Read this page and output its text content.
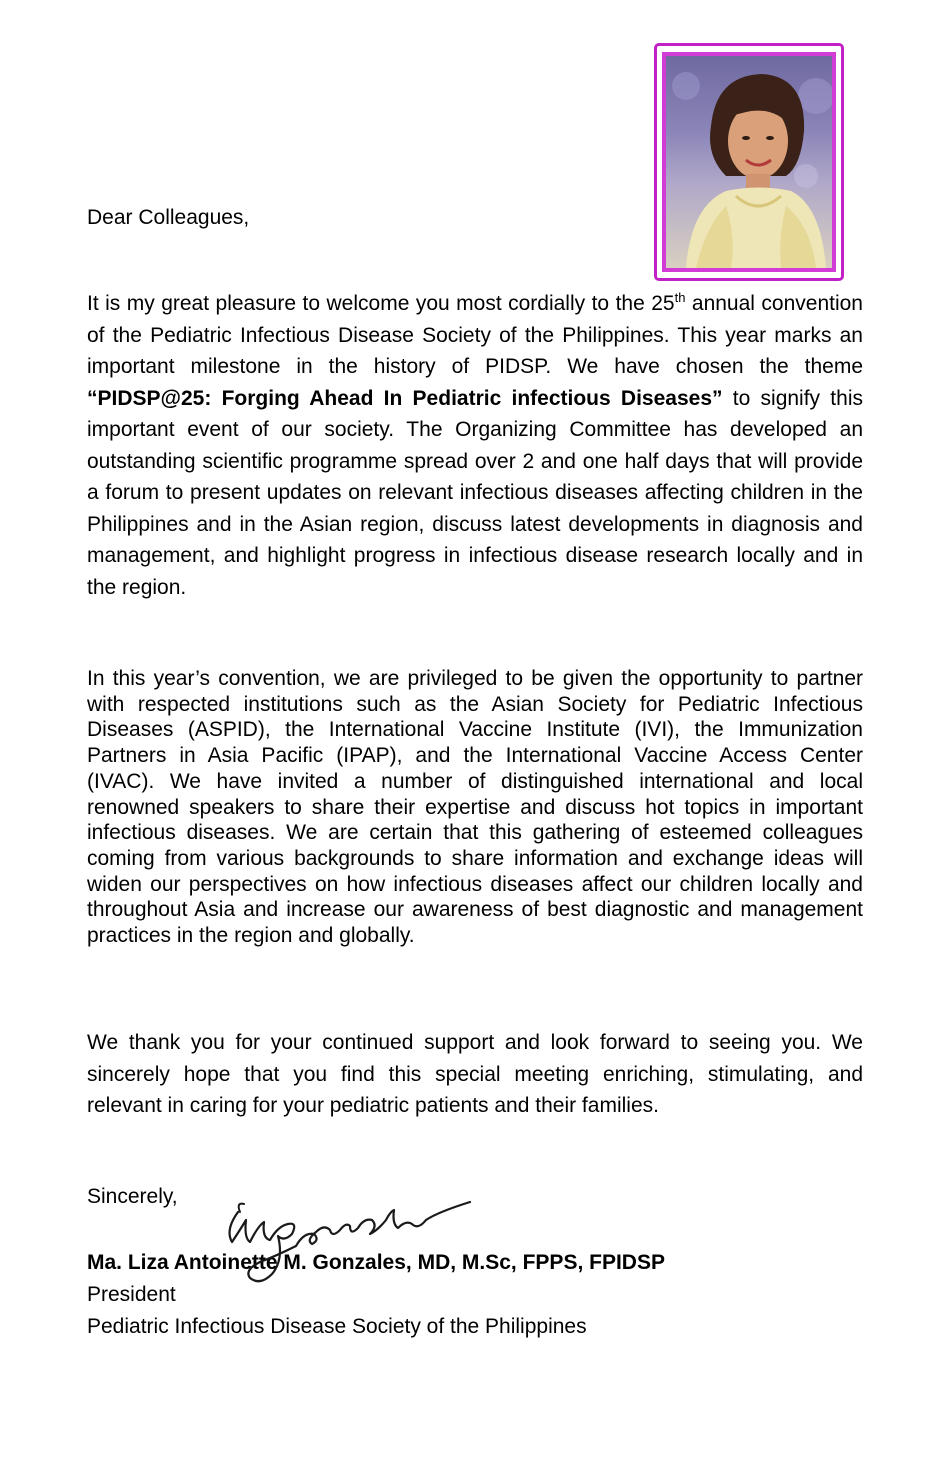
Dear Colleagues,

It is my great pleasure to welcome you most cordially to the 25th annual convention of the Pediatric Infectious Disease Society of the Philippines. This year marks an important milestone in the history of PIDSP. We have chosen the theme “PIDSP@25: Forging Ahead In Pediatric infectious Diseases” to signify this important event of our society. The Organizing Committee has developed an outstanding scientific programme spread over 2 and one half days that will provide a forum to present updates on relevant infectious diseases affecting children in the Philippines and in the Asian region, discuss latest developments in diagnosis and management, and highlight progress in infectious disease research locally and in the region.

In this year’s convention, we are privileged to be given the opportunity to partner with respected institutions such as the Asian Society for Pediatric Infectious Diseases (ASPID), the International Vaccine Institute (IVI), the Immunization Partners in Asia Pacific (IPAP), and the International Vaccine Access Center (IVAC). We have invited a number of distinguished international and local renowned speakers to share their expertise and discuss hot topics in important infectious diseases. We are certain that this gathering of esteemed colleagues coming from various backgrounds to share information and exchange ideas will widen our perspectives on how infectious diseases affect our children locally and throughout Asia and increase our awareness of best diagnostic and management practices in the region and globally.

We thank you for your continued support and look forward to seeing you. We sincerely hope that you find this special meeting enriching, stimulating, and relevant in caring for your pediatric patients and their families.

Sincerely,

Ma. Liza Antoinette M. Gonzales, MD, M.Sc, FPPS, FPIDSP

President

Pediatric Infectious Disease Society of the Philippines
